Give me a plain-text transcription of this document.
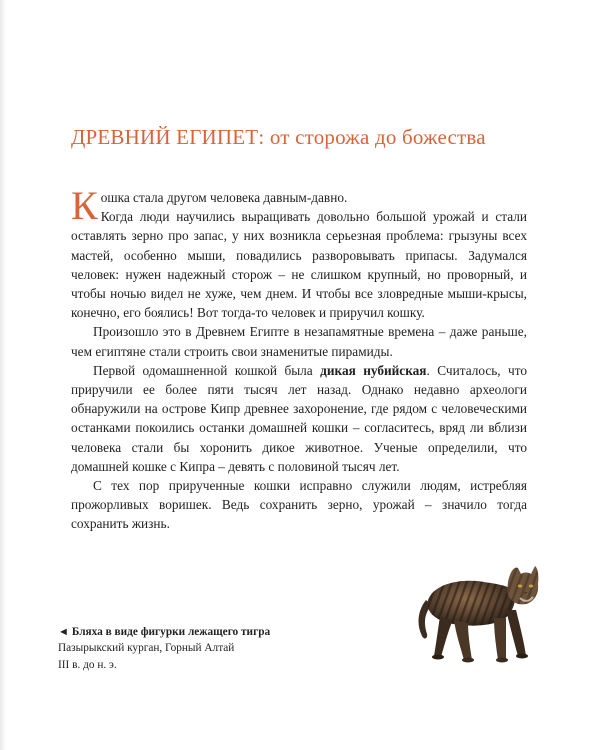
ДРЕВНИЙ ЕГИПЕТ: от сторожа до божества

Кошка стала другом человека давным-давно.
Когда люди научились выращивать довольно большой урожай и стали оставлять зерно про запас, у них возникла серьезная проблема: грызуны всех мастей, особенно мыши, повадились разворовывать припасы. Задумался человек: нужен надежный сторож – не слишком крупный, но проворный, и чтобы ночью видел не хуже, чем днем. И чтобы все зловредные мыши-крысы, конечно, его боялись! Вот тогда-то человек и приручил кошку.

Произошло это в Древнем Египте в незапамятные времена – даже раньше, чем египтяне стали строить свои знаменитые пирамиды.

Первой одомашненной кошкой была дикая нубийская. Считалось, что приручили ее более пяти тысяч лет назад. Однако недавно археологи обнаружили на острове Кипр древнее захоронение, где рядом с человеческими останками покоились останки домашней кошки – согласитесь, вряд ли вблизи человека стали бы хоронить дикое животное. Ученые определили, что домашней кошке с Кипра – девять с половиной тысяч лет.

С тех пор прирученные кошки исправно служили людям, истребляя прожорливых воришек. Ведь сохранить зерно, урожай – значило тогда сохранить жизнь.

◄ Бляха в виде фигурки лежащего тигра
Пазырыкский курган, Горный Алтай
III в. до н. э.
